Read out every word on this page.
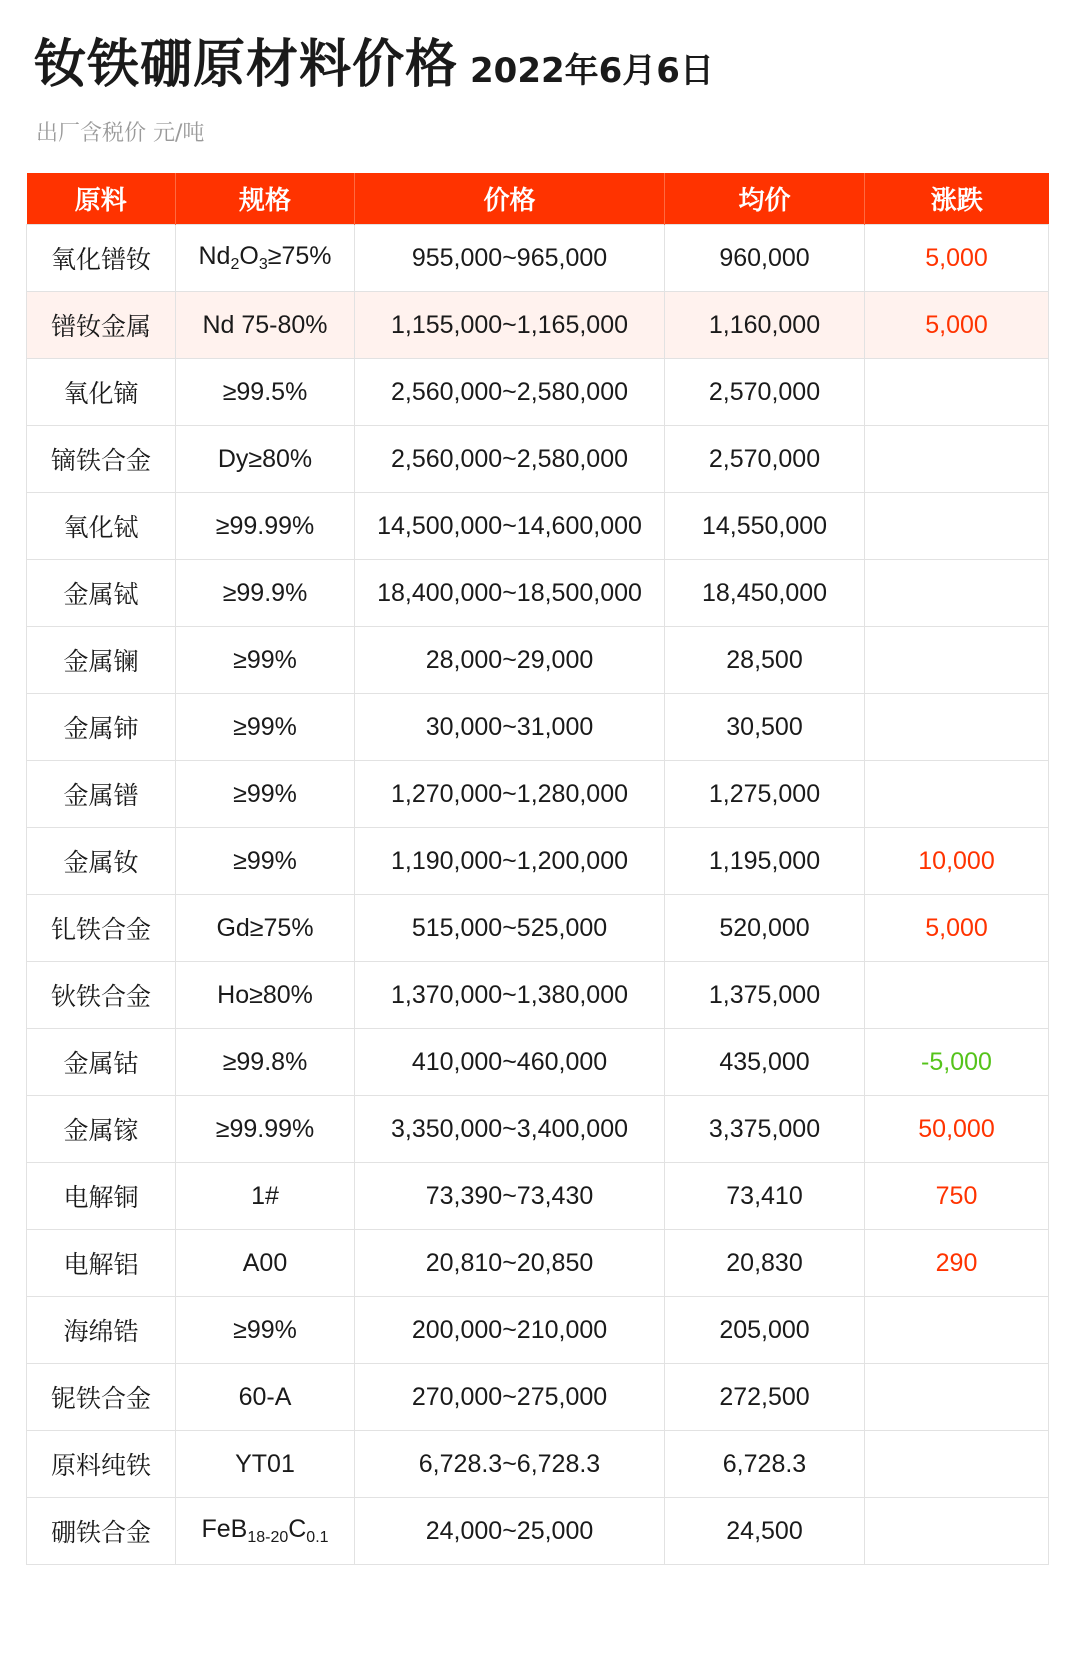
钕铁硼原材料价格 2022年6月6日
出厂含税价 元/吨
原料	规格	价格	均价	涨跌
氧化镨钕	$Nd_2O_3\ge 75\%$	955,000~965,000	960,000	5,000
镨钕金属	Nd 75-80%	1,155,000~1,165,000	1,160,000	5,000
氧化镝	≥99.5%	2,560,000~2,580,000	2,570,000	
镝铁合金	Dy≥80%	2,560,000~2,580,000	2,570,000	
氧化铽	≥99.99%	14,500,000~14,600,000	14,550,000	
金属铽	≥99.9%	18,400,000~18,500,000	18,450,000	
金属镧	≥99%	28,000~29,000	28,500	
金属铈	≥99%	30,000~31,000	30,500	
金属镨	≥99%	1,270,000~1,280,000	1,275,000	
金属钕	≥99%	1,190,000~1,200,000	1,195,000	10,000
钆铁合金	Gd≥75%	515,000~525,000	520,000	5,000
钬铁合金	Ho≥80%	1,370,000~1,380,000	1,375,000	
金属钴	≥99.8%	410,000~460,000	435,000	-5,000
金属镓	≥99.99%	3,350,000~3,400,000	3,375,000	50,000
电解铜	1#	73,390~73,430	73,410	750
电解铝	A00	20,810~20,850	20,830	290
海绵锆	≥99%	200,000~210,000	205,000	
铌铁合金	60-A	270,000~275,000	272,500	
原料纯铁	YT01	6,728.3~6,728.3	6,728.3	
硼铁合金	$FeB_{18-20}C_{0.1}$	24,000~25,000	24,500	
